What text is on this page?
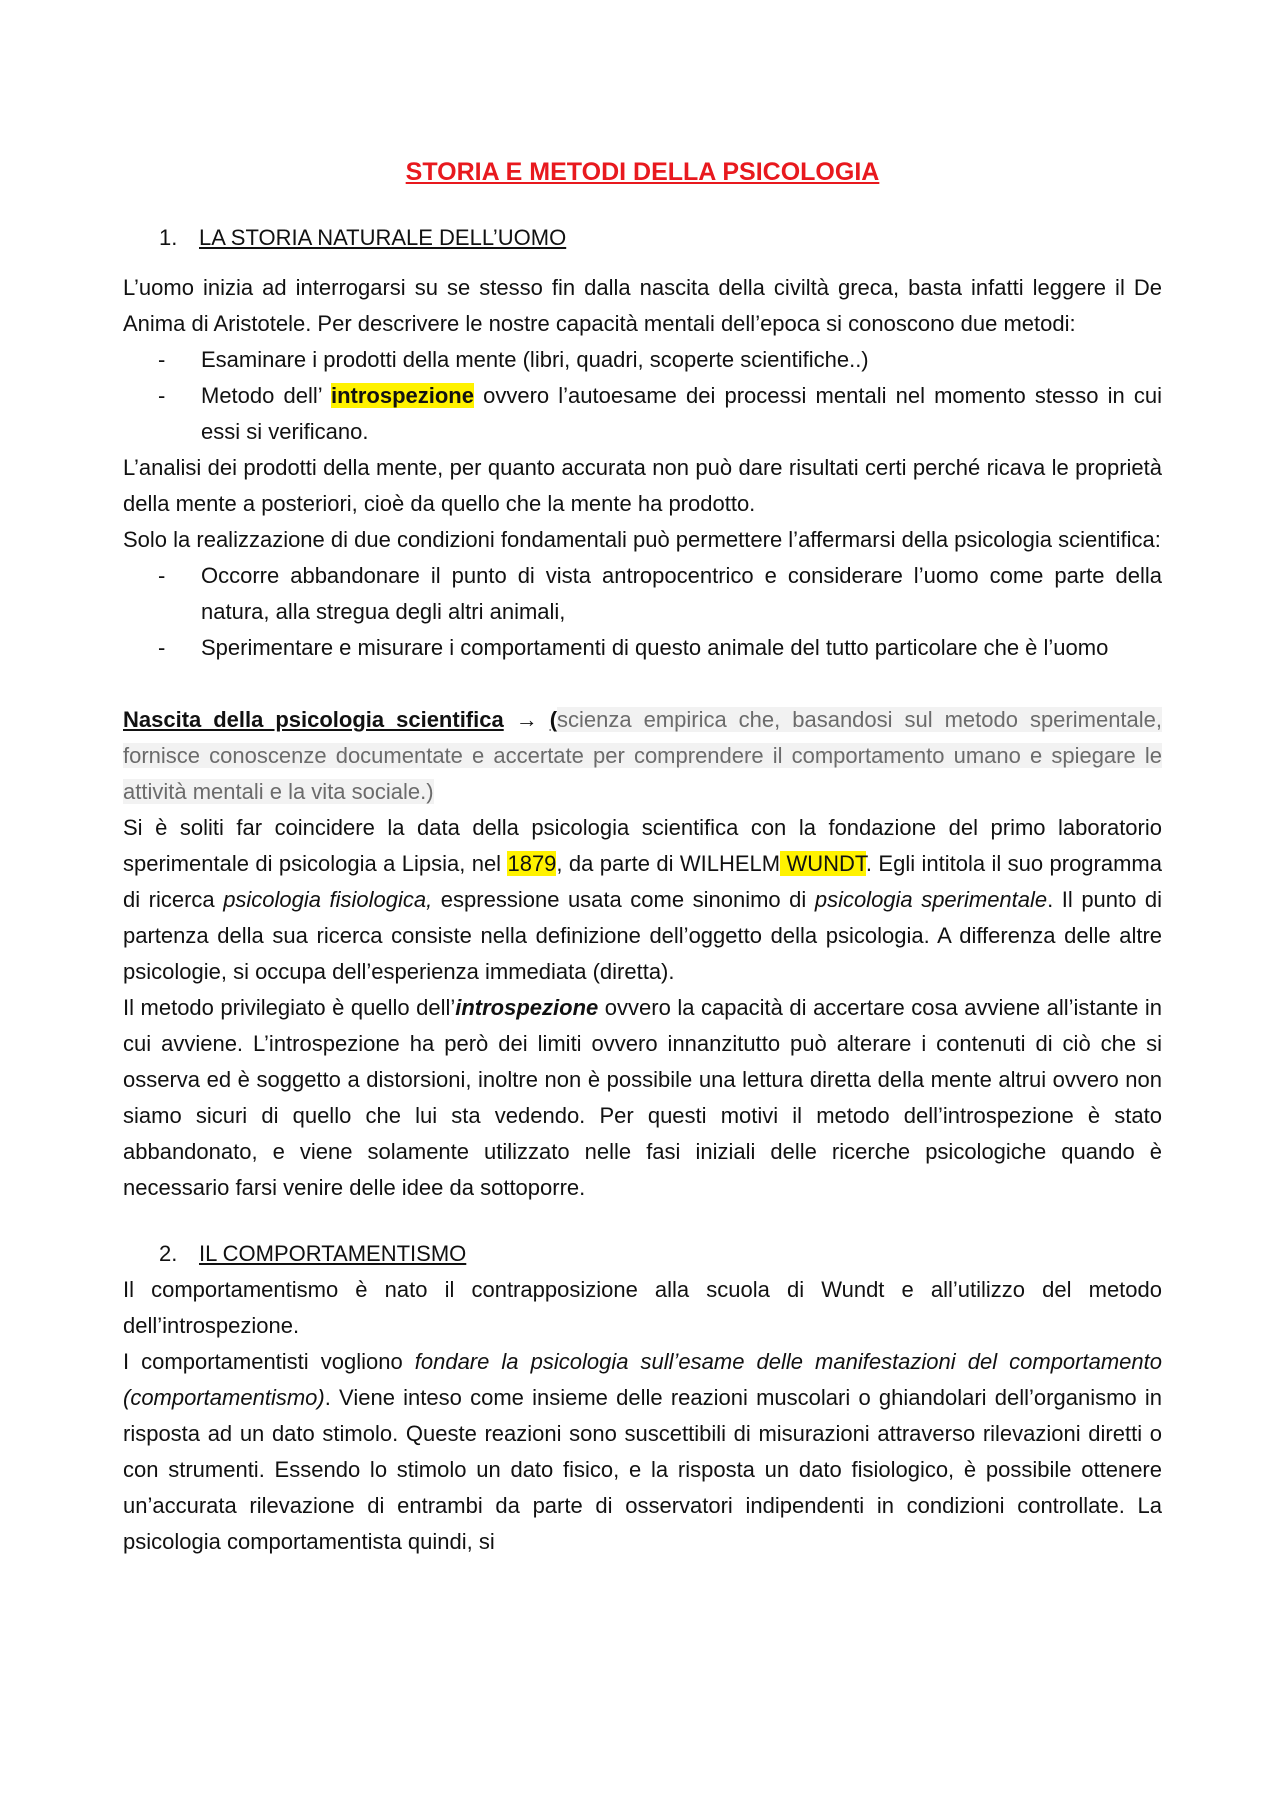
STORIA E METODI DELLA PSICOLOGIA
1. LA STORIA NATURALE DELL’UOMO

L’uomo inizia ad interrogarsi su se stesso fin dalla nascita della civiltà greca, basta infatti leggere il De Anima di Aristotele. Per descrivere le nostre capacità mentali dell’epoca si conoscono due metodi:

-	Esaminare i prodotti della mente (libri, quadri, scoperte scientifiche..)
-	Metodo dell’ introspezione ovvero l’autoesame dei processi mentali nel momento stesso in cui essi si verificano.

L’analisi dei prodotti della mente, per quanto accurata non può dare risultati certi perché ricava le proprietà della mente a posteriori, cioè da quello che la mente ha prodotto.

Solo la realizzazione di due condizioni fondamentali può permettere l’affermarsi della psicologia scientifica:

-	Occorre abbandonare il punto di vista antropocentrico e considerare l’uomo come parte della natura, alla stregua degli altri animali,
-	Sperimentare e misurare i comportamenti di questo animale del tutto particolare che è l’uomo

Nascita della psicologia scientifica → (scienza empirica che, basandosi sul metodo sperimentale, fornisce conoscenze documentate e accertate per comprendere il comportamento umano e spiegare le attività mentali e la vita sociale.)

Si è soliti far coincidere la data della psicologia scientifica con la fondazione del primo laboratorio sperimentale di psicologia a Lipsia, nel 1879, da parte di WILHELM WUNDT. Egli intitola il suo programma di ricerca psicologia fisiologica, espressione usata come sinonimo di psicologia sperimentale. Il punto di partenza della sua ricerca consiste nella definizione dell’oggetto della psicologia. A differenza delle altre psicologie, si occupa dell’esperienza immediata (diretta).

Il metodo privilegiato è quello dell’introspezione ovvero la capacità di accertare cosa avviene all’istante in cui avviene. L’introspezione ha però dei limiti ovvero innanzitutto può alterare i contenuti di ciò che si osserva ed è soggetto a distorsioni, inoltre non è possibile una lettura diretta della mente altrui ovvero non siamo sicuri di quello che lui sta vedendo. Per questi motivi il metodo dell’introspezione è stato abbandonato, e viene solamente utilizzato nelle fasi iniziali delle ricerche psicologiche quando è necessario farsi venire delle idee da sottoporre.

2. IL COMPORTAMENTISMO

Il comportamentismo è nato il contrapposizione alla scuola di Wundt e all’utilizzo del metodo dell’introspezione.

I comportamentisti vogliono fondare la psicologia sull’esame delle manifestazioni del comportamento (comportamentismo). Viene inteso come insieme delle reazioni muscolari o ghiandolari dell’organismo in risposta ad un dato stimolo. Queste reazioni sono suscettibili di misurazioni attraverso rilevazioni diretti o con strumenti. Essendo lo stimolo un dato fisico, e la risposta un dato fisiologico, è possibile ottenere un’accurata rilevazione di entrambi da parte di osservatori indipendenti in condizioni controllate. La psicologia comportamentista quindi, si
